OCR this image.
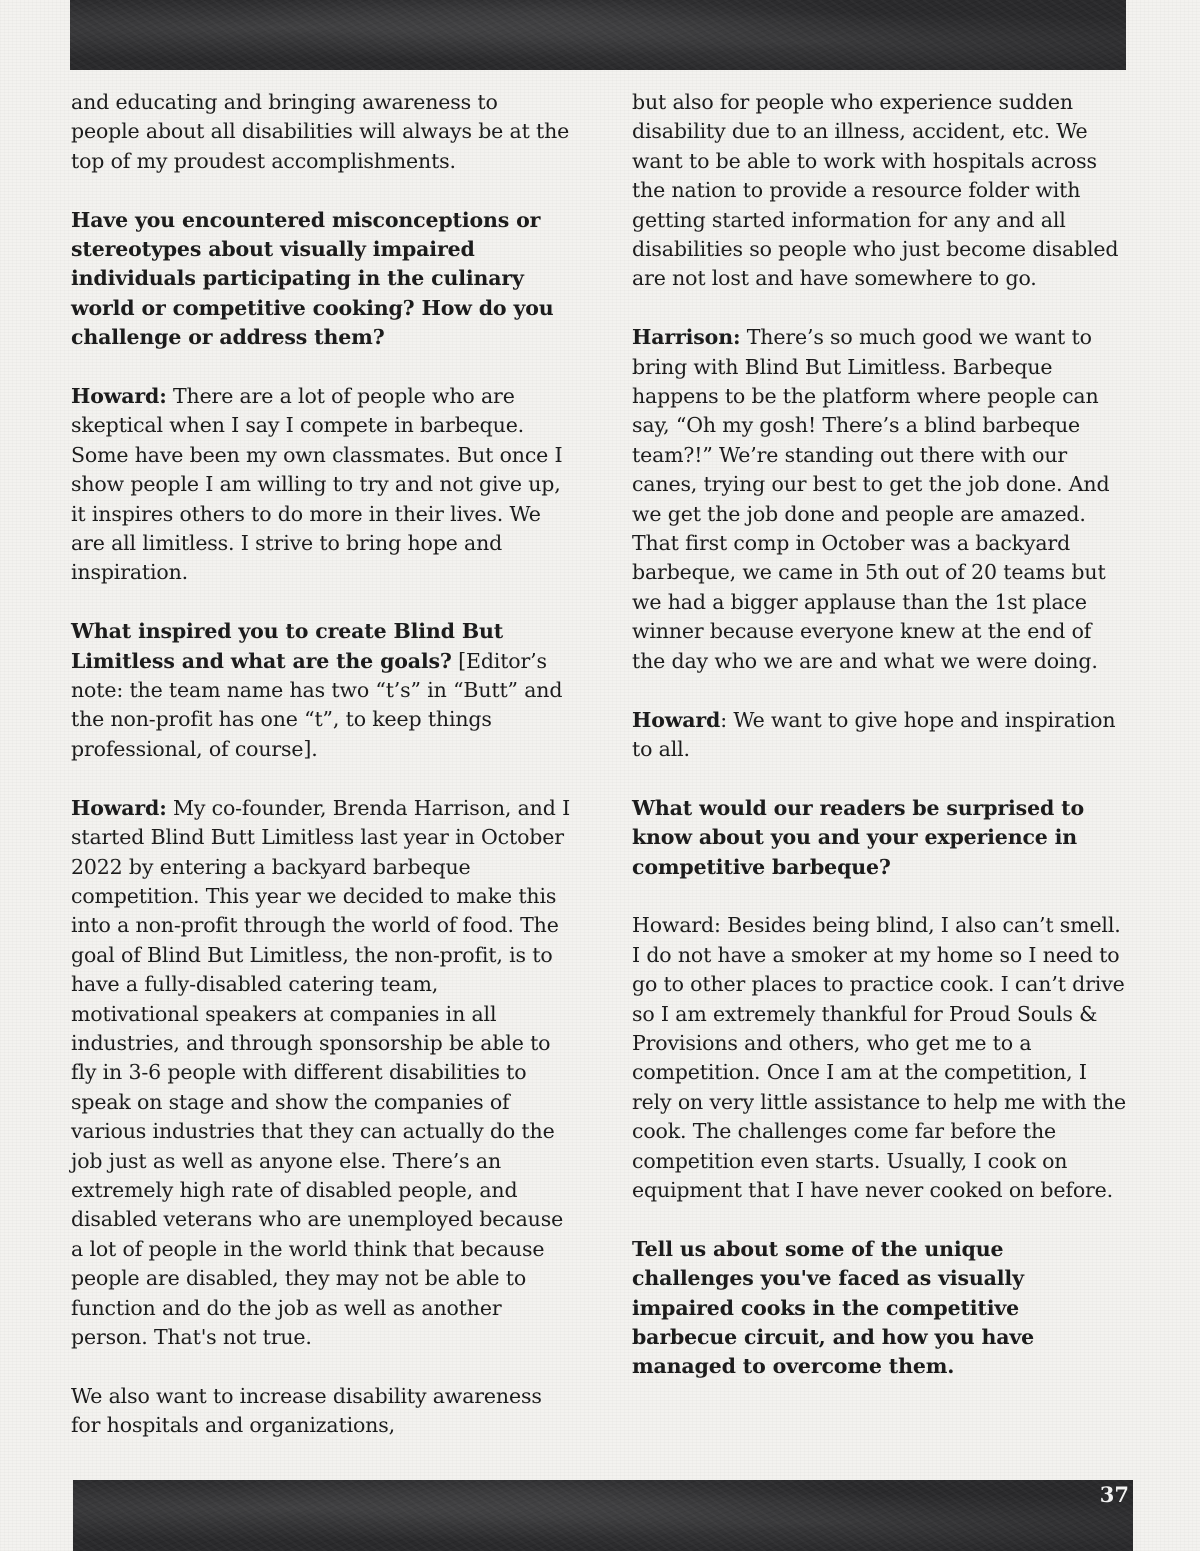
and educating and bringing awareness to people about all disabilities will always be at the top of my proudest accomplishments.

Have you encountered misconceptions or stereotypes about visually impaired individuals participating in the culinary world or competitive cooking? How do you challenge or address them?

Howard: There are a lot of people who are skeptical when I say I compete in barbeque. Some have been my own classmates. But once I show people I am willing to try and not give up, it inspires others to do more in their lives. We are all limitless. I strive to bring hope and inspiration.

What inspired you to create Blind But Limitless and what are the goals? [Editor’s note: the team name has two “t’s” in “Butt” and the non-profit has one “t”, to keep things professional, of course].

Howard: My co-founder, Brenda Harrison, and I started Blind Butt Limitless last year in October 2022 by entering a backyard barbeque competition. This year we decided to make this into a non-profit through the world of food. The goal of Blind But Limitless, the non-profit, is to have a fully-disabled catering team, motivational speakers at companies in all industries, and through sponsorship be able to fly in 3-6 people with different disabilities to speak on stage and show the companies of various industries that they can actually do the job just as well as anyone else. There’s an extremely high rate of disabled people, and disabled veterans who are unemployed because a lot of people in the world think that because people are disabled, they may not be able to function and do the job as well as another person. That's not true.

We also want to increase disability awareness for hospitals and organizations,

but also for people who experience sudden disability due to an illness, accident, etc. We want to be able to work with hospitals across the nation to provide a resource folder with getting started information for any and all disabilities so people who just become disabled are not lost and have somewhere to go.

Harrison: There’s so much good we want to bring with Blind But Limitless. Barbeque happens to be the platform where people can say, “Oh my gosh! There’s a blind barbeque team?!” We’re standing out there with our canes, trying our best to get the job done. And we get the job done and people are amazed. That first comp in October was a backyard barbeque, we came in 5th out of 20 teams but we had a bigger applause than the 1st place winner because everyone knew at the end of the day who we are and what we were doing.

Howard: We want to give hope and inspiration to all.

What would our readers be surprised to know about you and your experience in competitive barbeque?

Howard: Besides being blind, I also can’t smell. I do not have a smoker at my home so I need to go to other places to practice cook. I can’t drive so I am extremely thankful for Proud Souls & Provisions and others, who get me to a competition. Once I am at the competition, I rely on very little assistance to help me with the cook. The challenges come far before the competition even starts. Usually, I cook on equipment that I have never cooked on before.

Tell us about some of the unique challenges you've faced as visually impaired cooks in the competitive barbecue circuit, and how you have managed to overcome them.

37
